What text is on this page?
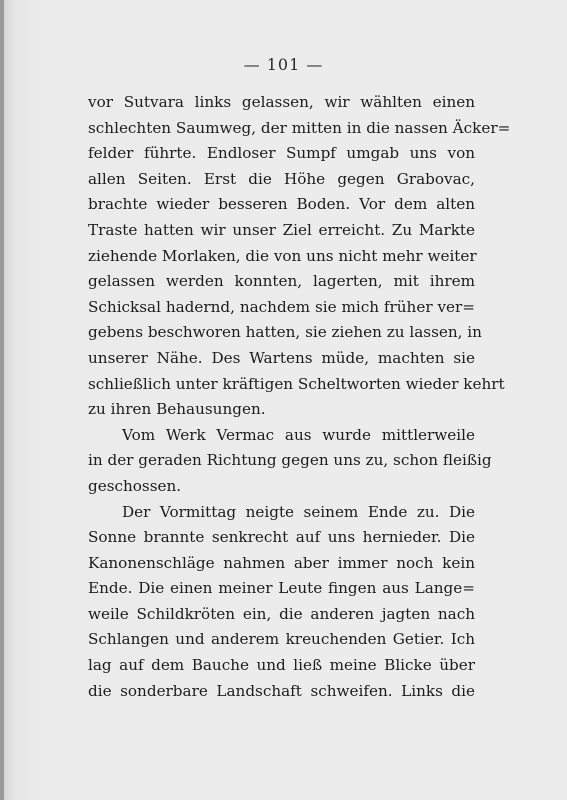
— 101 —
vor Sutvara links gelassen, wir wählten einen
schlechten Saumweg, der mitten in die nassen Äcker=
felder führte. Endloser Sumpf umgab uns von
allen Seiten. Erst die Höhe gegen Grabovac,
brachte wieder besseren Boden. Vor dem alten
Traste hatten wir unser Ziel erreicht. Zu Markte
ziehende Morlaken, die von uns nicht mehr weiter
gelassen werden konnten, lagerten, mit ihrem
Schicksal hadernd, nachdem sie mich früher ver=
gebens beschworen hatten, sie ziehen zu lassen, in
unserer Nähe. Des Wartens müde, machten sie
schließlich unter kräftigen Scheltworten wieder kehrt
zu ihren Behausungen.
Vom Werk Vermac aus wurde mittlerweile
in der geraden Richtung gegen uns zu, schon fleißig
geschossen.
Der Vormittag neigte seinem Ende zu. Die
Sonne brannte senkrecht auf uns hernieder. Die
Kanonenschläge nahmen aber immer noch kein
Ende. Die einen meiner Leute fingen aus Lange=
weile Schildkröten ein, die anderen jagten nach
Schlangen und anderem kreuchenden Getier. Ich
lag auf dem Bauche und ließ meine Blicke über
die sonderbare Landschaft schweifen. Links die
